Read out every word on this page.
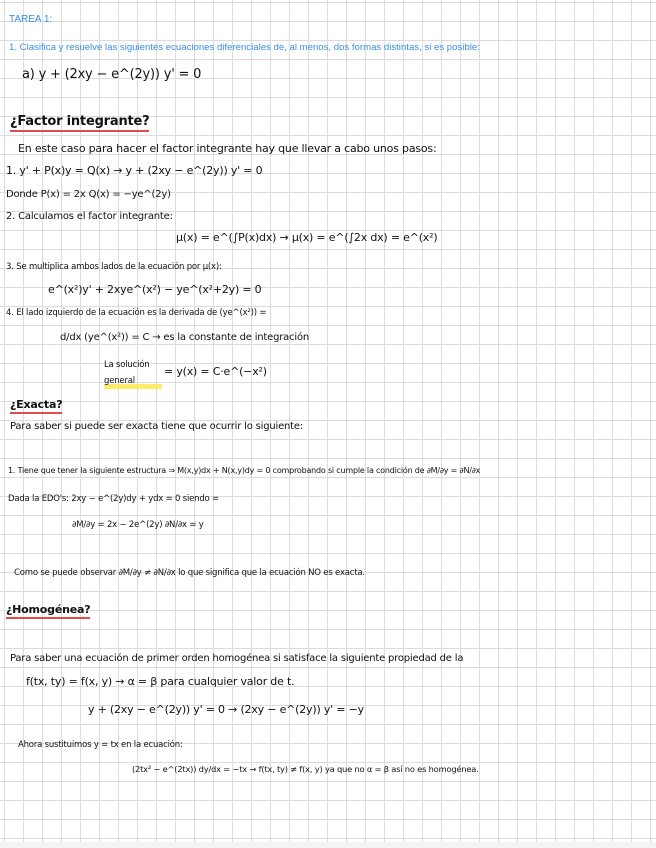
TAREA 1:
1. Clasifica y resuelve las siguientes ecuaciones diferenciales de, al menos, dos formas distintas, si es posible:
a) y + (2xy − e^(2y)) y' = 0
¿Factor integrante?
En este caso para hacer el factor integrante hay que llevar a cabo unos pasos:
1. y' + P(x)y = Q(x) → y + (2xy − e^(2y)) y' = 0
Donde P(x) = 2x Q(x) = −ye^(2y)
2. Calculamos el factor integrante:
μ(x) = e^(∫P(x)dx) → μ(x) = e^(∫2x dx) = e^(x²)
3. Se multiplica ambos lados de la ecuación por μ(x):
e^(x²)y' + 2xye^(x²) − ye^(x²+2y) = 0
4. El lado izquierdo de la ecuación es la derivada de (ye^(x²)) =
d/dx (ye^(x²)) = C → es la constante de integración
La solución general
= y(x) = C·e^(−x²)
¿Exacta?
Para saber si puede ser exacta tiene que ocurrir lo siguiente:
1. Tiene que tener la siguiente estructura ⇒ M(x,y)dx + N(x,y)dy = 0 comprobando si cumple la condición de ∂M/∂y = ∂N/∂x
Dada la EDO's: 2xy − e^(2y)dy + ydx = 0 siendo =
∂M/∂y = 2x − 2e^(2y) ∂N/∂x = y
Como se puede observar ∂M/∂y ≠ ∂N/∂x lo que significa que la ecuación NO es exacta.
¿Homogénea?
Para saber una ecuación de primer orden homogénea si satisface la siguiente propiedad de la
f(tx, ty) = f(x, y) → α = β para cualquier valor de t.
y + (2xy − e^(2y)) y' = 0 → (2xy − e^(2y)) y' = −y
Ahora sustituimos y = tx en la ecuación:
(2tx² − e^(2tx)) dy/dx = −tx → f(tx, ty) ≠ f(x, y) ya que no α = β así no es homogénea.
